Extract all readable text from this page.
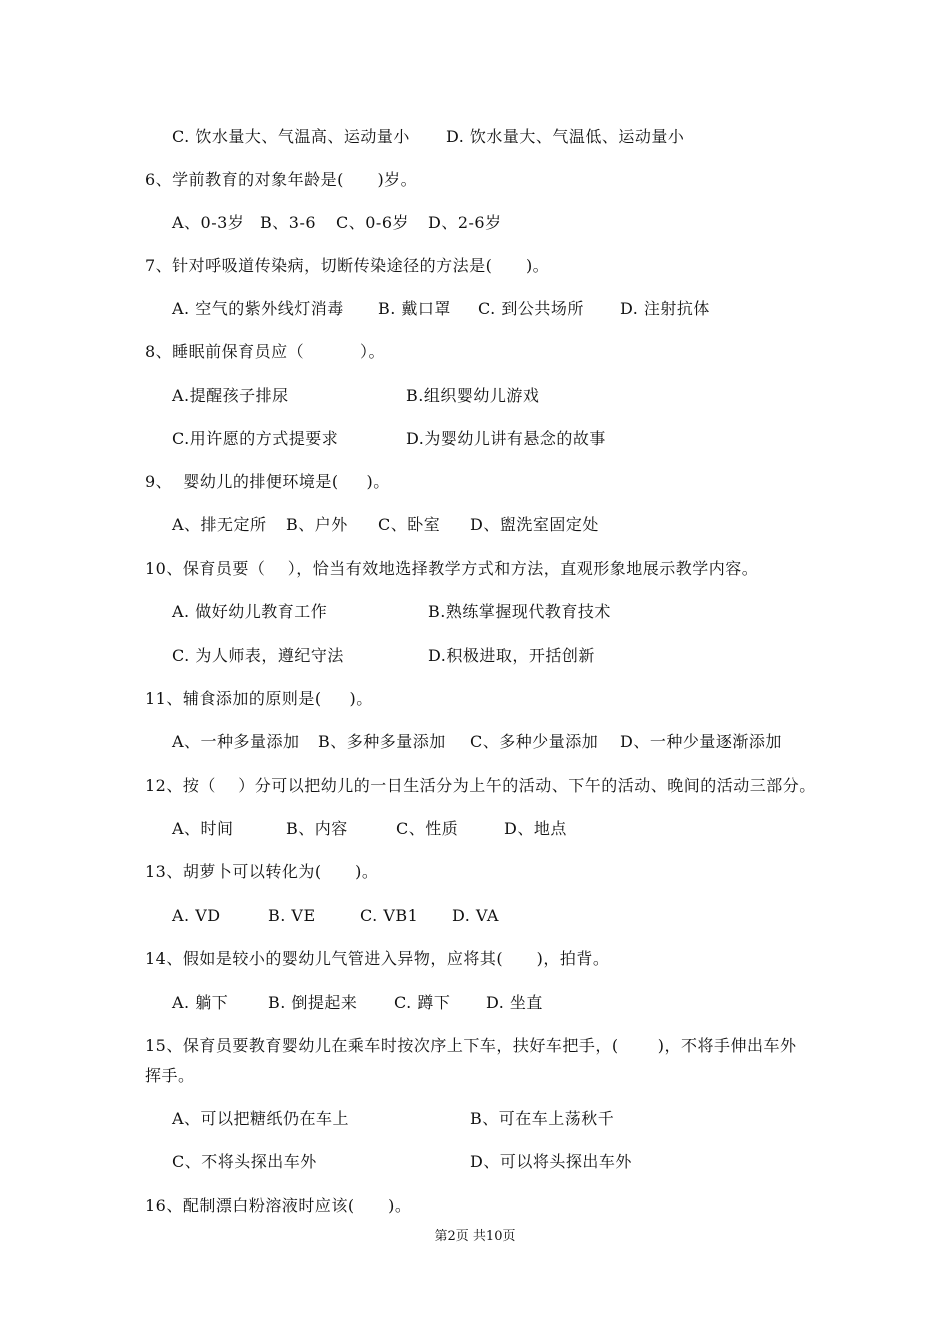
C. 饮水量大、气温高、运动量小 D. 饮水量大、气温低、运动量小
6、学前教育的对象年龄是(      )岁。
A、0-3岁 B、3-6 C、0-6岁 D、2-6岁
7、针对呼吸道传染病，切断传染途径的方法是(      )。
A. 空气的紫外线灯消毒 B. 戴口罩 C. 到公共场所 D. 注射抗体
8、睡眠前保育员应（          ）。
A.提醒孩子排尿	B.组织婴幼儿游戏
C.用许愿的方式提要求	D.为婴幼儿讲有悬念的故事
9、  婴幼儿的排便环境是(     )。
A、排无定所 B、户外 C、卧室 D、盥洗室固定处
10、保育员要（    ），恰当有效地选择教学方式和方法，直观形象地展示教学内容。
A. 做好幼儿教育工作	B.熟练掌握现代教育技术
C. 为人师表，遵纪守法	D.积极进取，开括创新
11、辅食添加的原则是(     )。
A、一种多量添加 B、多种多量添加 C、多种少量添加 D、一种少量逐渐添加
12、按（    ）分可以把幼儿的一日生活分为上午的活动、下午的活动、晚间的活动三部分。
A、时间	B、内容	C、性质	D、地点
13、胡萝卜可以转化为(      )。
A. VD	B. VE	C. VB1 D. VA
14、假如是较小的婴幼儿气管进入异物，应将其(      )，拍背。
A. 躺下 B. 倒提起来 C. 蹲下 D. 坐直
15、保育员要教育婴幼儿在乘车时按次序上下车，扶好车把手，(       )，不将手伸出车外
挥手。
A、可以把糖纸仍在车上	B、可在车上荡秋千
C、不将头探出车外	D、可以将头探出车外
16、配制漂白粉溶液时应该(      )。
第2页 共10页
